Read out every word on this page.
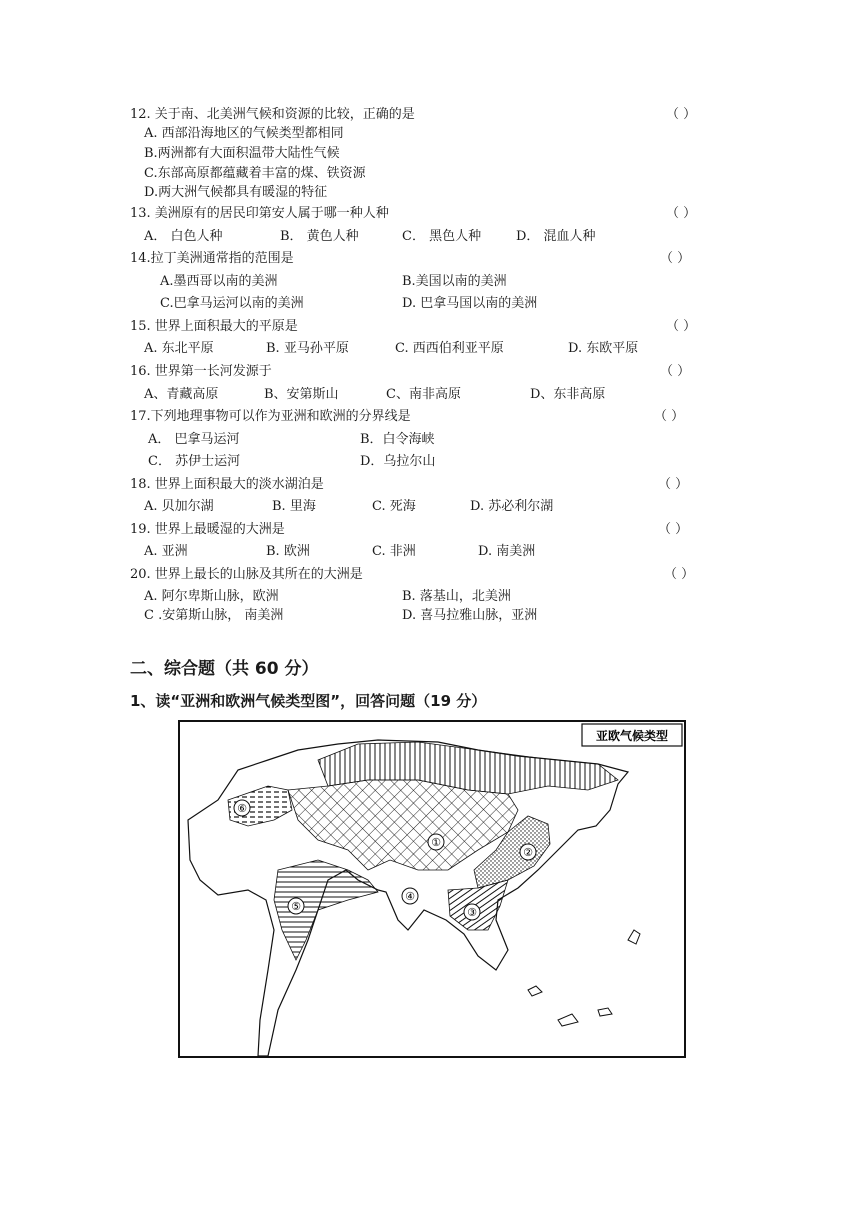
12. 关于南、北美洲气候和资源的比较，正确的是	（ ）
A. 西部沿海地区的气候类型都相同
B.两洲都有大面积温带大陆性气候
C.东部高原都蕴藏着丰富的煤、铁资源
D.两大洲气候都具有暖湿的特征
13. 美洲原有的居民印第安人属于哪一种人种	（ ）
A． 白色人种	B． 黄色人种	C． 黑色人种	D． 混血人种
14.拉丁美洲通常指的范围是	（ ）
A.墨西哥以南的美洲	B.美国以南的美洲
C.巴拿马运河以南的美洲	D. 巴拿马国以南的美洲
15. 世界上面积最大的平原是	（ ）
A. 东北平原	B. 亚马孙平原	C. 西西伯利亚平原	D. 东欧平原
16. 世界第一长河发源于	（ ）
A、青藏高原	B、安第斯山	C、南非高原	D、东非高原
17.下列地理事物可以作为亚洲和欧洲的分界线是	（ ）
A． 巴拿马运河	B．白令海峡
C． 苏伊士运河	D．乌拉尔山
18. 世界上面积最大的淡水湖泊是	（ ）
A. 贝加尔湖	B. 里海	C. 死海	D. 苏必利尔湖
19. 世界上最暖湿的大洲是	（ ）
A. 亚洲	B. 欧洲	C. 非洲	D. 南美洲
20. 世界上最长的山脉及其所在的大洲是	（ ）
A. 阿尔卑斯山脉，欧洲	B. 落基山，北美洲
C .安第斯山脉， 南美洲	D. 喜马拉雅山脉，亚洲
二、综合题（共 60 分）
1、读“亚洲和欧洲气候类型图”，回答问题（19 分）
亚欧气候类型
①
②
③
④
⑤
⑥
